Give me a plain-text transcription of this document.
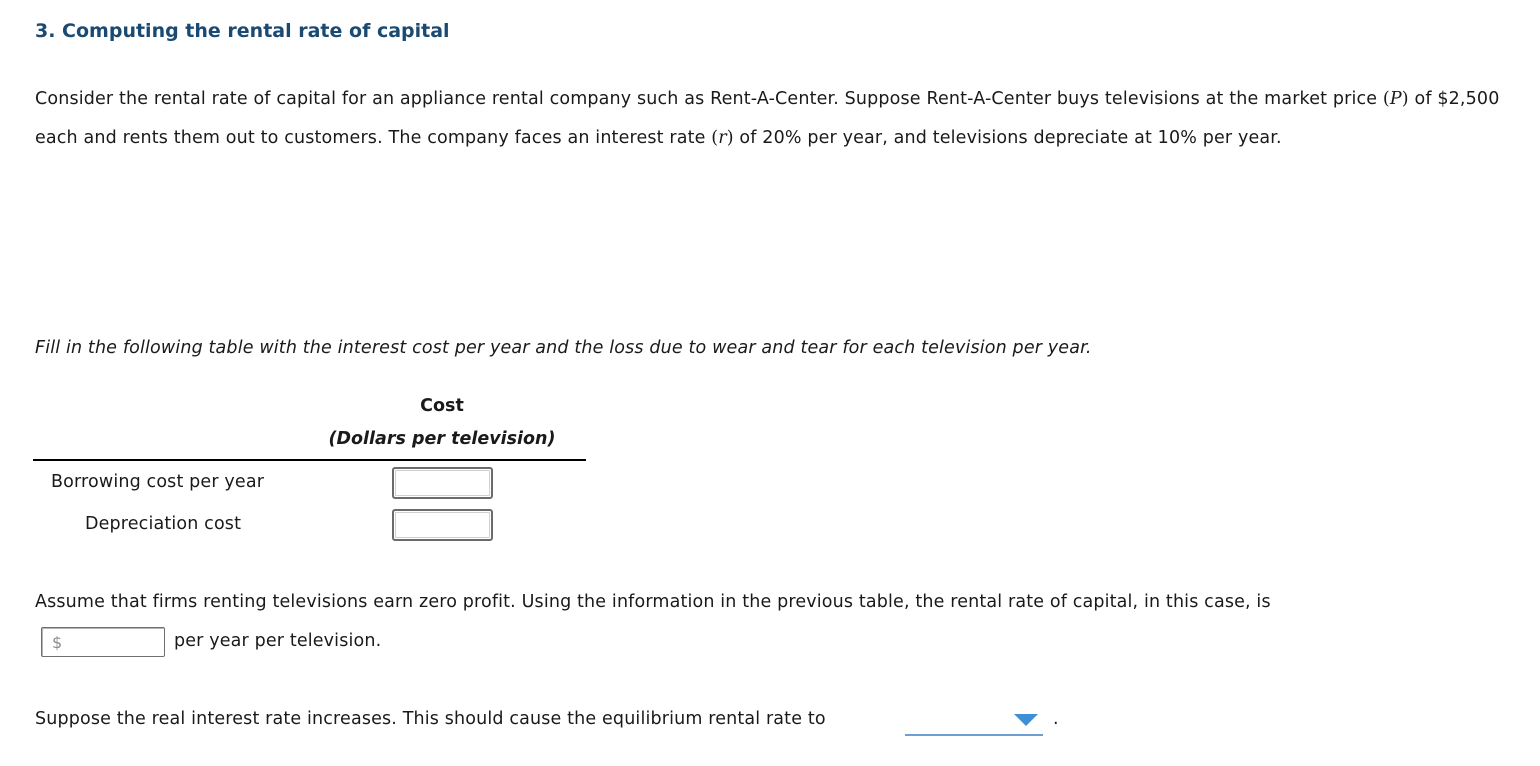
3. Computing the rental rate of capital
Consider the rental rate of capital for an appliance rental company such as Rent-A-Center. Suppose Rent-A-Center buys televisions at the market price (P) of $2,500 each and rents them out to customers. The company faces an interest rate (r) of 20% per year, and televisions depreciate at 10% per year.
Fill in the following table with the interest cost per year and the loss due to wear and tear for each television per year.
Cost
(Dollars per television)
Borrowing cost per year
Depreciation cost
Assume that firms renting televisions earn zero profit. Using the information in the previous table, the rental rate of capital, in this case, is
$	per year per television.
Suppose the real interest rate increases. This should cause the equilibrium rental rate to	.
